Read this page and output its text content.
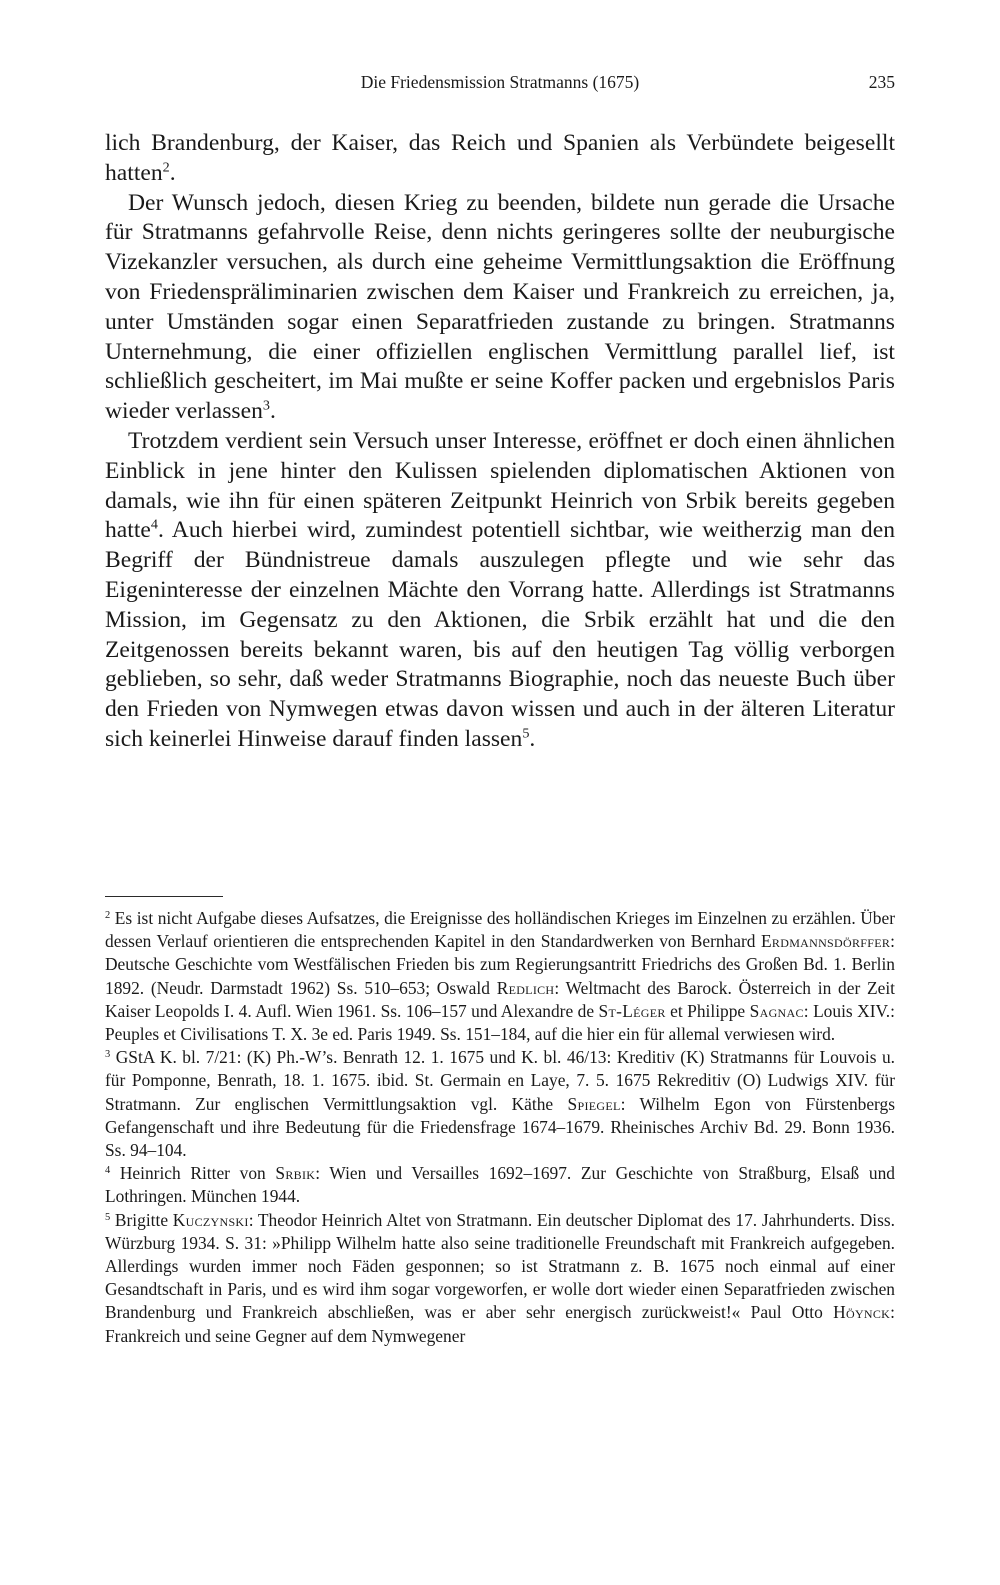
Die Friedensmission Stratmanns (1675)	235

lich Brandenburg, der Kaiser, das Reich und Spanien als Verbündete beigesellt hatten$^2$.

Der Wunsch jedoch, diesen Krieg zu beenden, bildete nun gerade die Ursache für Stratmanns gefahrvolle Reise, denn nichts geringeres sollte der neuburgische Vizekanzler versuchen, als durch eine geheime Vermittlungsaktion die Eröffnung von Friedenspräliminarien zwischen dem Kaiser und Frankreich zu erreichen, ja, unter Umständen sogar einen Separatfrieden zustande zu bringen. Stratmanns Unternehmung, die einer offiziellen englischen Vermittlung parallel lief, ist schließlich gescheitert, im Mai mußte er seine Koffer packen und ergebnislos Paris wieder verlassen$^3$.

Trotzdem verdient sein Versuch unser Interesse, eröffnet er doch einen ähnlichen Einblick in jene hinter den Kulissen spielenden diplomatischen Aktionen von damals, wie ihn für einen späteren Zeitpunkt Heinrich von Srbik bereits gegeben hatte$^4$. Auch hierbei wird, zumindest potentiell sichtbar, wie weitherzig man den Begriff der Bündnistreue damals auszulegen pflegte und wie sehr das Eigeninteresse der einzelnen Mächte den Vorrang hatte. Allerdings ist Stratmanns Mission, im Gegensatz zu den Aktionen, die Srbik erzählt hat und die den Zeitgenossen bereits bekannt waren, bis auf den heutigen Tag völlig verborgen geblieben, so sehr, daß weder Stratmanns Biographie, noch das neueste Buch über den Frieden von Nymwegen etwas davon wissen und auch in der älteren Literatur sich keinerlei Hinweise darauf finden lassen$^5$.

$^2$ Es ist nicht Aufgabe dieses Aufsatzes, die Ereignisse des holländischen Krieges im Einzelnen zu erzählen. Über dessen Verlauf orientieren die entsprechenden Kapitel in den Standardwerken von Bernhard Erdmannsdörffer: Deutsche Geschichte vom Westfälischen Frieden bis zum Regierungsantritt Friedrichs des Großen Bd. 1. Berlin 1892. (Neudr. Darmstadt 1962) Ss. 510–653; Oswald Redlich: Weltmacht des Barock. Österreich in der Zeit Kaiser Leopolds I. 4. Aufl. Wien 1961. Ss. 106–157 und Alexandre de St-Léger et Philippe Sagnac: Louis XIV.: Peuples et Civilisations T. X. 3e ed. Paris 1949. Ss. 151–184, auf die hier ein für allemal verwiesen wird.

$^3$ GStA K. bl. 7/21: (K) Ph.-W’s. Benrath 12. 1. 1675 und K. bl. 46/13: Kreditiv (K) Stratmanns für Louvois u. für Pomponne, Benrath, 18. 1. 1675. ibid. St. Germain en Laye, 7. 5. 1675 Rekreditiv (O) Ludwigs XIV. für Stratmann. Zur englischen Vermittlungsaktion vgl. Käthe Spiegel: Wilhelm Egon von Fürstenbergs Gefangenschaft und ihre Bedeutung für die Friedensfrage 1674–1679. Rheinisches Archiv Bd. 29. Bonn 1936. Ss. 94–104.

$^4$ Heinrich Ritter von Srbik: Wien und Versailles 1692–1697. Zur Geschichte von Straßburg, Elsaß und Lothringen. München 1944.

$^5$ Brigitte Kuczynski: Theodor Heinrich Altet von Stratmann. Ein deutscher Diplomat des 17. Jahrhunderts. Diss. Würzburg 1934. S. 31: »Philipp Wilhelm hatte also seine traditionelle Freundschaft mit Frankreich aufgegeben. Allerdings wurden immer noch Fäden gesponnen; so ist Stratmann z. B. 1675 noch einmal auf einer Gesandtschaft in Paris, und es wird ihm sogar vorgeworfen, er wolle dort wieder einen Separatfrieden zwischen Brandenburg und Frankreich abschließen, was er aber sehr energisch zurückweist!« Paul Otto Höynck: Frankreich und seine Gegner auf dem Nymwegener
